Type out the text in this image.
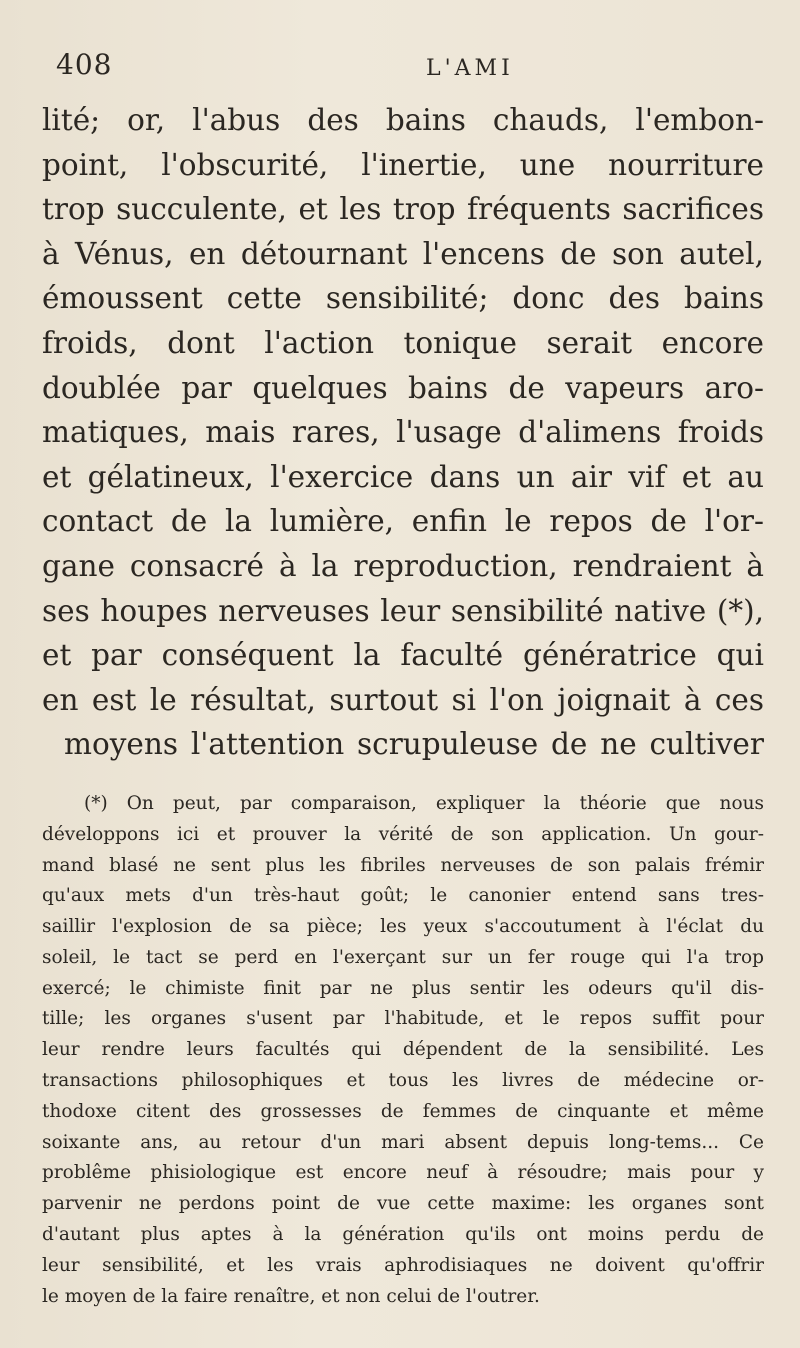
408	L'AMI
lité; or, l'abus des bains chauds, l'embon-
point, l'obscurité, l'inertie, une nourriture
trop succulente, et les trop fréquents sacrifices
à Vénus, en détournant l'encens de son autel,
émoussent cette sensibilité; donc des bains
froids, dont l'action tonique serait encore
doublée par quelques bains de vapeurs aro-
matiques, mais rares, l'usage d'alimens froids
et gélatineux, l'exercice dans un air vif et au
contact de la lumière, enfin le repos de l'or-
gane consacré à la reproduction, rendraient à
ses houpes nerveuses leur sensibilité native (*),
et par conséquent la faculté génératrice qui
en est le résultat, surtout si l'on joignait à ces
moyens l'attention scrupuleuse de ne cultiver
(*) On peut, par comparaison, expliquer la théorie que nous
développons ici et prouver la vérité de son application. Un gour-
mand blasé ne sent plus les fibriles nerveuses de son palais frémir
qu'aux mets d'un très-haut goût; le canonier entend sans tres-
saillir l'explosion de sa pièce; les yeux s'accoutument à l'éclat du
soleil, le tact se perd en l'exerçant sur un fer rouge qui l'a trop
exercé; le chimiste finit par ne plus sentir les odeurs qu'il dis-
tille; les organes s'usent par l'habitude, et le repos suffit pour
leur rendre leurs facultés qui dépendent de la sensibilité. Les
transactions philosophiques et tous les livres de médecine or-
thodoxe citent des grossesses de femmes de cinquante et même
soixante ans, au retour d'un mari absent depuis long-tems... Ce
problême phisiologique est encore neuf à résoudre; mais pour y
parvenir ne perdons point de vue cette maxime: les organes sont
d'autant plus aptes à la génération qu'ils ont moins perdu de
leur sensibilité, et les vrais aphrodisiaques ne doivent qu'offrir
le moyen de la faire renaître, et non celui de l'outrer.
